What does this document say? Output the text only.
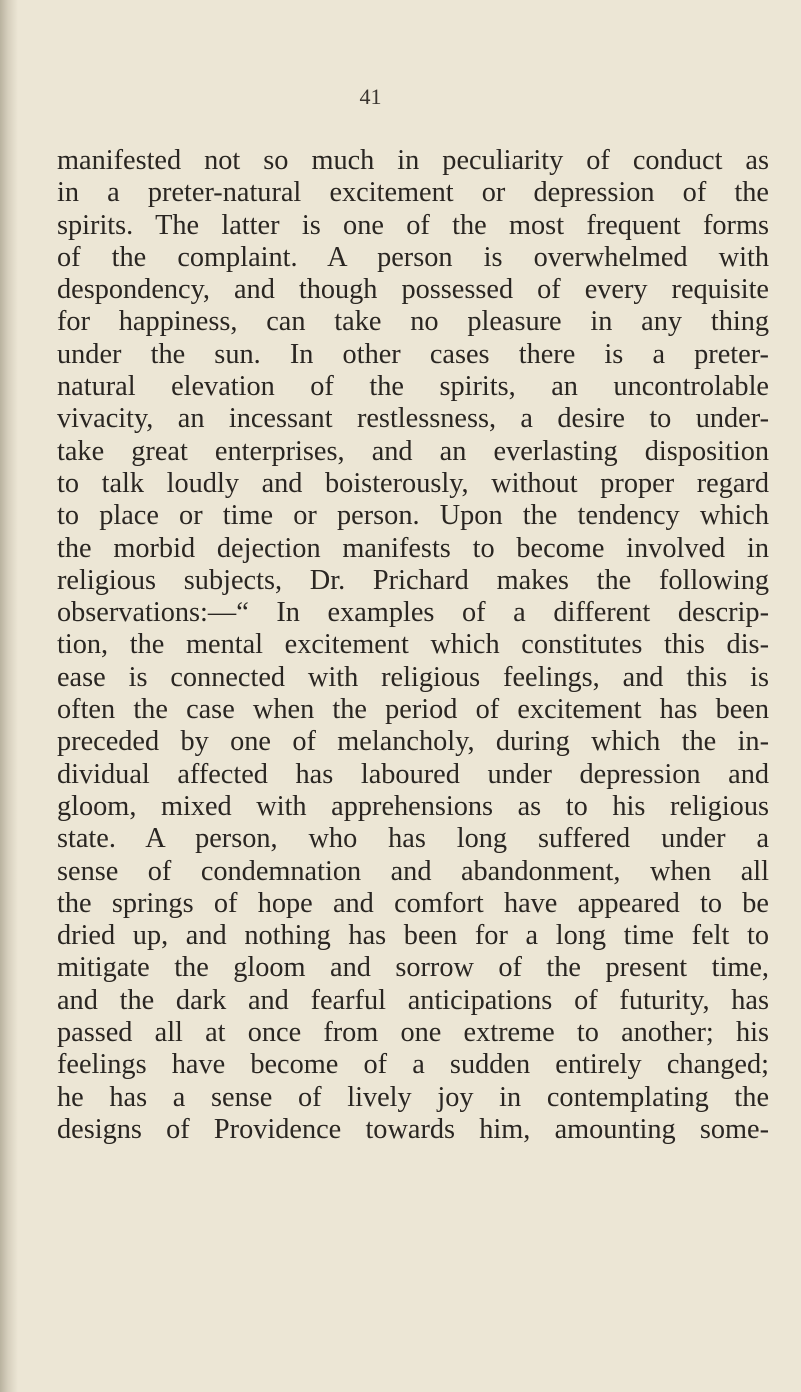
41
manifested not so much in peculiarity of conduct as
in a preter-natural excitement or depression of the
spirits. The latter is one of the most frequent forms
of the complaint. A person is overwhelmed with
despondency, and though possessed of every requisite
for happiness, can take no pleasure in any thing
under the sun. In other cases there is a preter-
natural elevation of the spirits, an uncontrolable
vivacity, an incessant restlessness, a desire to under-
take great enterprises, and an everlasting disposition
to talk loudly and boisterously, without proper regard
to place or time or person. Upon the tendency which
the morbid dejection manifests to become involved in
religious subjects, Dr. Prichard makes the following
observations:—“ In examples of a different descrip-
tion, the mental excitement which constitutes this dis-
ease is connected with religious feelings, and this is
often the case when the period of excitement has been
preceded by one of melancholy, during which the in-
dividual affected has laboured under depression and
gloom, mixed with apprehensions as to his religious
state. A person, who has long suffered under a
sense of condemnation and abandonment, when all
the springs of hope and comfort have appeared to be
dried up, and nothing has been for a long time felt to
mitigate the gloom and sorrow of the present time,
and the dark and fearful anticipations of futurity, has
passed all at once from one extreme to another; his
feelings have become of a sudden entirely changed;
he has a sense of lively joy in contemplating the
designs of Providence towards him, amounting some-
